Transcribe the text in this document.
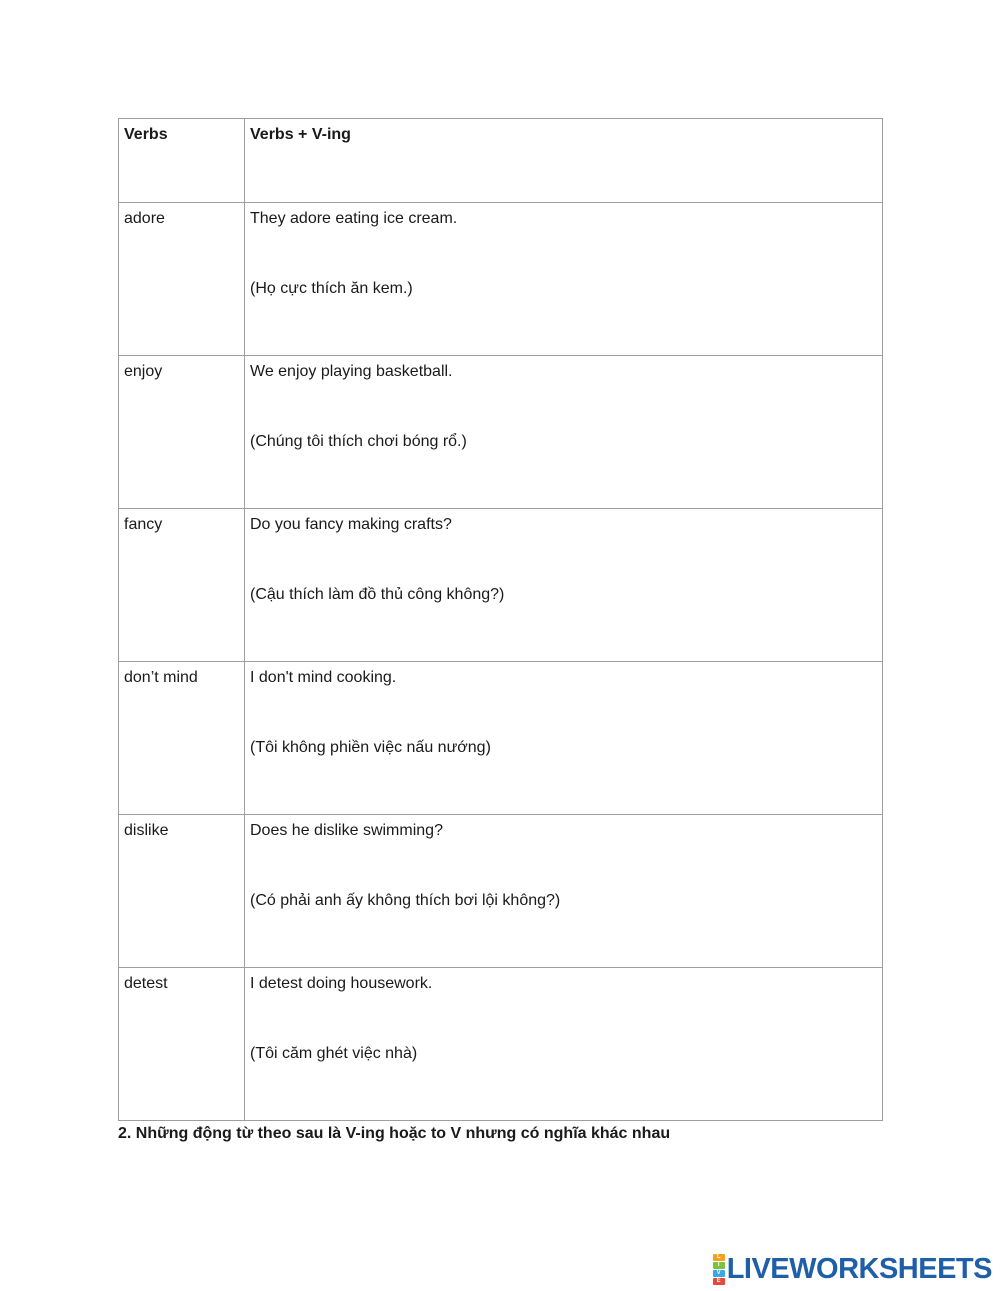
Verbs	Verbs + V-ing
adore	They adore eating ice cream.
(Họ cực thích ăn kem.)

enjoy	We enjoy playing basketball.
(Chúng tôi thích chơi bóng rổ.)

fancy	Do you fancy making crafts?
(Cậu thích làm đồ thủ công không?)

don’t mind	I don't mind cooking.
(Tôi không phiền việc nấu nướng)

dislike	Does he dislike swimming?
(Có phải anh ấy không thích bơi lội không?)

detest	I detest doing housework.
(Tôi căm ghét việc nhà)

2. Những động từ theo sau là V-ing hoặc to V nhưng có nghĩa khác nhau

L
I
V
E LIVEWORKSHEETS
